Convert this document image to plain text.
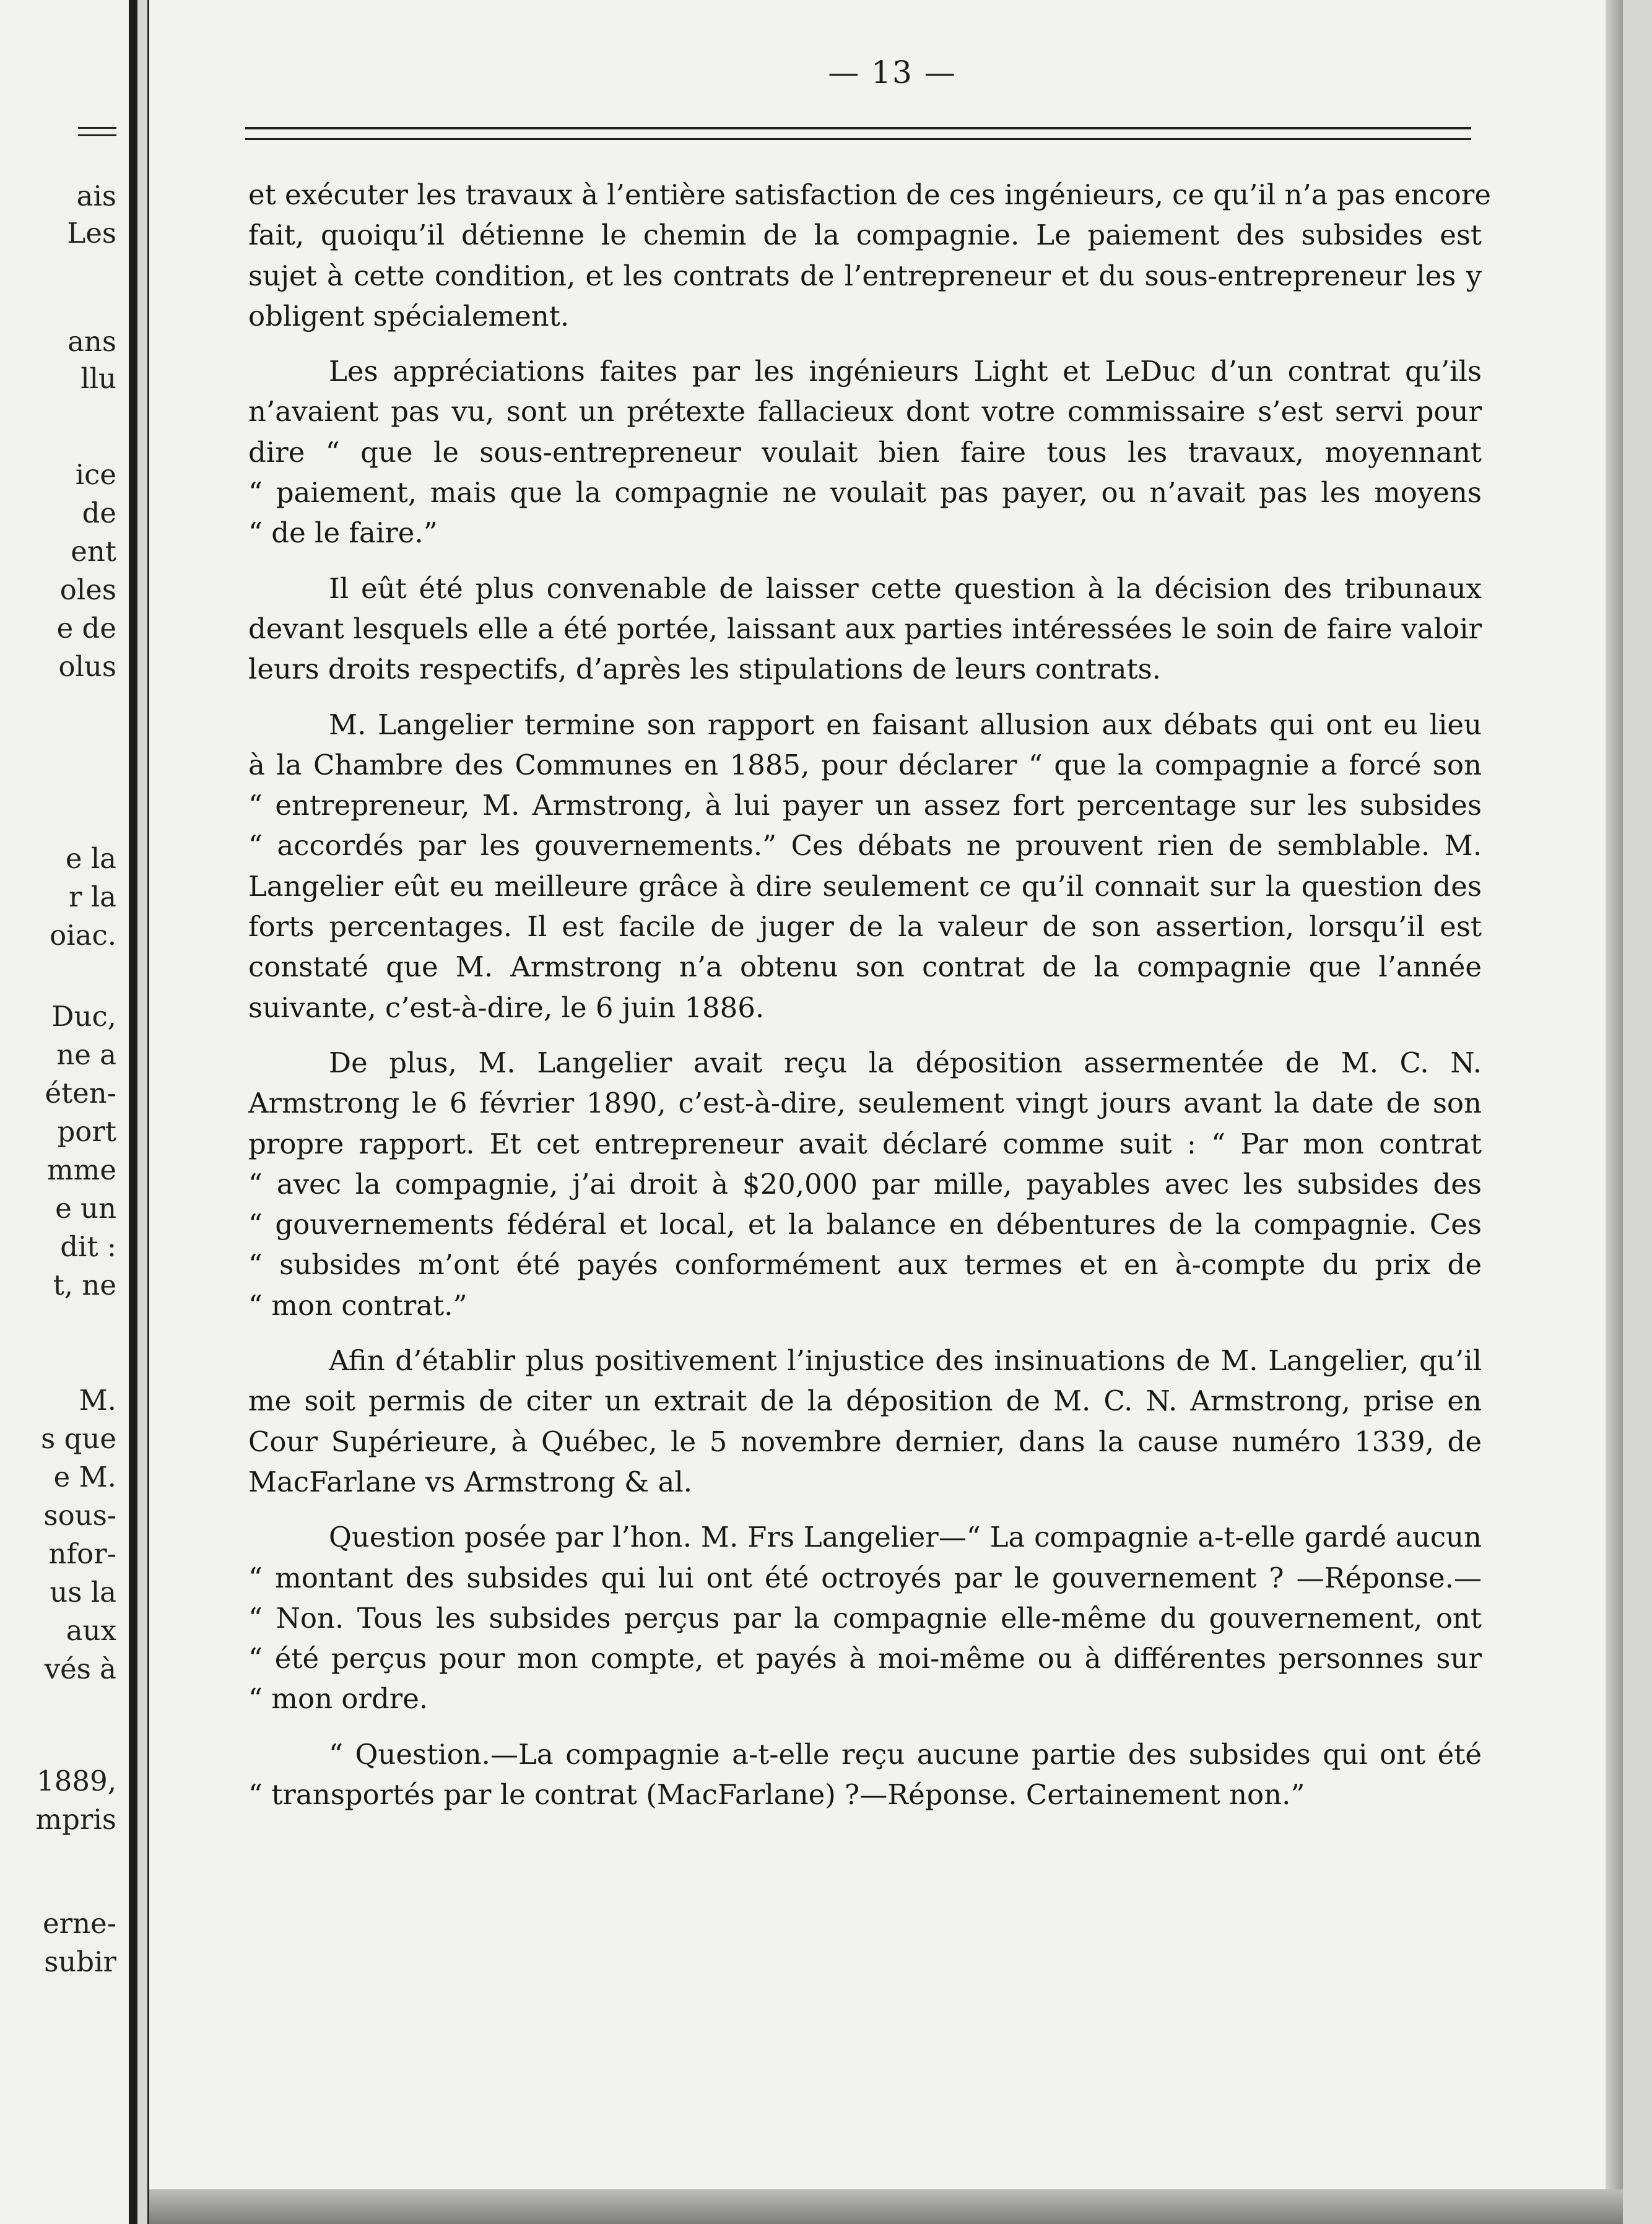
ais
Les
ans
llu
ice
de
ent
oles
e de
olus
e la
r la
oiac.
Duc,
ne a
éten-
port
mme
e un
dit :
t, ne
M.
s que
e M.
sous-
nfor-
us la
aux
vés à
1889,
mpris
erne-
subir
— 13 —
et exécuter les travaux à l’entière satisfaction de ces ingénieurs, ce qu’il n’a pas encore
fait, quoiqu’il détienne le chemin de la compagnie. Le paiement des subsides est
sujet à cette condition, et les contrats de l’entrepreneur et du sous-entrepreneur les y
obligent spécialement.
Les appréciations faites par les ingénieurs Light et LeDuc d’un contrat qu’ils
n’avaient pas vu, sont un prétexte fallacieux dont votre commissaire s’est servi pour
dire “ que le sous-entrepreneur voulait bien faire tous les travaux, moyennant
“ paiement, mais que la compagnie ne voulait pas payer, ou n’avait pas les moyens
“ de le faire.”
Il eût été plus convenable de laisser cette question à la décision des tribunaux
devant lesquels elle a été portée, laissant aux parties intéressées le soin de faire valoir
leurs droits respectifs, d’après les stipulations de leurs contrats.
M. Langelier termine son rapport en faisant allusion aux débats qui ont eu lieu
à la Chambre des Communes en 1885, pour déclarer “ que la compagnie a forcé son
“ entrepreneur, M. Armstrong, à lui payer un assez fort percentage sur les subsides
“ accordés par les gouvernements.” Ces débats ne prouvent rien de semblable. M.
Langelier eût eu meilleure grâce à dire seulement ce qu’il connait sur la question des
forts percentages. Il est facile de juger de la valeur de son assertion, lorsqu’il est
constaté que M. Armstrong n’a obtenu son contrat de la compagnie que l’année
suivante, c’est-à-dire, le 6 juin 1886.
De plus, M. Langelier avait reçu la déposition assermentée de M. C. N.
Armstrong le 6 février 1890, c’est-à-dire, seulement vingt jours avant la date de son
propre rapport. Et cet entrepreneur avait déclaré comme suit : “ Par mon contrat
“ avec la compagnie, j’ai droit à $20,000 par mille, payables avec les subsides des
“ gouvernements fédéral et local, et la balance en débentures de la compagnie. Ces
“ subsides m’ont été payés conformément aux termes et en à-compte du prix de
“ mon contrat.”
Afin d’établir plus positivement l’injustice des insinuations de M. Langelier, qu’il
me soit permis de citer un extrait de la déposition de M. C. N. Armstrong, prise en
Cour Supérieure, à Québec, le 5 novembre dernier, dans la cause numéro 1339, de
MacFarlane vs Armstrong & al.
Question posée par l’hon. M. Frs Langelier—“ La compagnie a-t-elle gardé aucun
“ montant des subsides qui lui ont été octroyés par le gouvernement ? —Réponse.—
“ Non. Tous les subsides perçus par la compagnie elle-même du gouvernement, ont
“ été perçus pour mon compte, et payés à moi-même ou à différentes personnes sur
“ mon ordre.
“ Question.—La compagnie a-t-elle reçu aucune partie des subsides qui ont été
“ transportés par le contrat (MacFarlane) ?—Réponse. Certainement non.”
